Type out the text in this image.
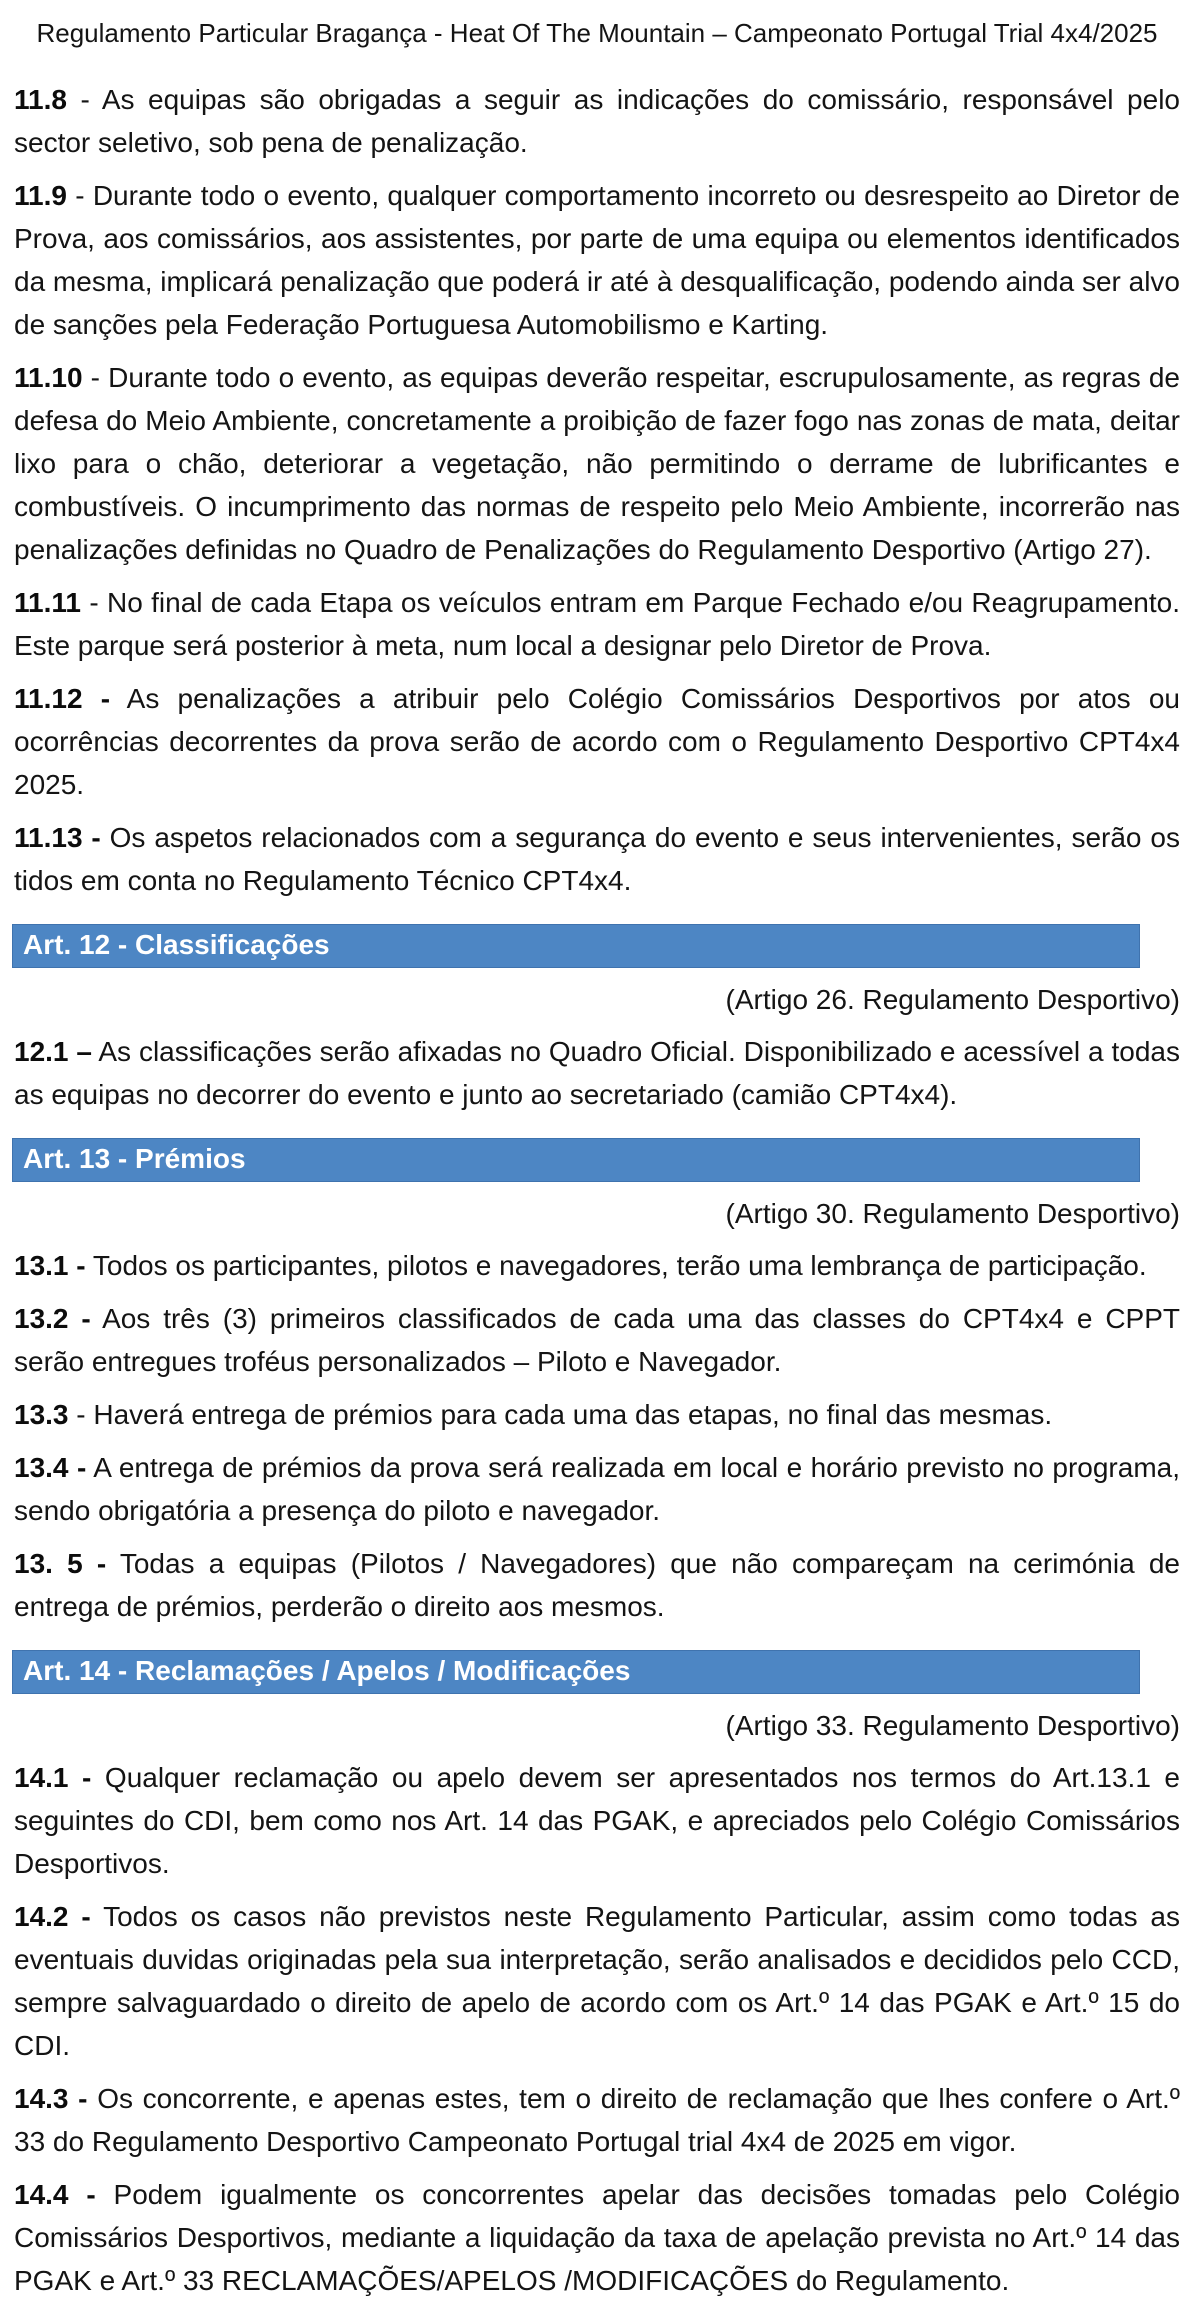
Regulamento Particular Bragança - Heat Of The Mountain – Campeonato Portugal Trial 4x4/2025

11.8 - As equipas são obrigadas a seguir as indicações do comissário, responsável pelo sector seletivo, sob pena de penalização.

11.9 - Durante todo o evento, qualquer comportamento incorreto ou desrespeito ao Diretor de Prova, aos comissários, aos assistentes, por parte de uma equipa ou elementos identificados da mesma, implicará penalização que poderá ir até à desqualificação, podendo ainda ser alvo de sanções pela Federação Portuguesa Automobilismo e Karting.

11.10 - Durante todo o evento, as equipas deverão respeitar, escrupulosamente, as regras de defesa do Meio Ambiente, concretamente a proibição de fazer fogo nas zonas de mata, deitar lixo para o chão, deteriorar a vegetação, não permitindo o derrame de lubrificantes e combustíveis. O incumprimento das normas de respeito pelo Meio Ambiente, incorrerão nas penalizações definidas no Quadro de Penalizações do Regulamento Desportivo (Artigo 27).

11.11 - No final de cada Etapa os veículos entram em Parque Fechado e/ou Reagrupamento. Este parque será posterior à meta, num local a designar pelo Diretor de Prova.

11.12 - As penalizações a atribuir pelo Colégio Comissários Desportivos por atos ou ocorrências decorrentes da prova serão de acordo com o Regulamento Desportivo CPT4x4 2025.

11.13 - Os aspetos relacionados com a segurança do evento e seus intervenientes, serão os tidos em conta no Regulamento Técnico CPT4x4.

Art. 12 - Classificações
(Artigo 26. Regulamento Desportivo)

12.1 – As classificações serão afixadas no Quadro Oficial. Disponibilizado e acessível a todas as equipas no decorrer do evento e junto ao secretariado (camião CPT4x4).

Art. 13 - Prémios
(Artigo 30. Regulamento Desportivo)

13.1 - Todos os participantes, pilotos e navegadores, terão uma lembrança de participação.

13.2 - Aos três (3) primeiros classificados de cada uma das classes do CPT4x4 e CPPT serão entregues troféus personalizados – Piloto e Navegador.

13.3 - Haverá entrega de prémios para cada uma das etapas, no final das mesmas.

13.4 - A entrega de prémios da prova será realizada em local e horário previsto no programa, sendo obrigatória a presença do piloto e navegador.

13. 5 - Todas a equipas (Pilotos / Navegadores) que não compareçam na cerimónia de entrega de prémios, perderão o direito aos mesmos.

Art. 14 - Reclamações / Apelos / Modificações
(Artigo 33. Regulamento Desportivo)

14.1 - Qualquer reclamação ou apelo devem ser apresentados nos termos do Art.13.1 e seguintes do CDI, bem como nos Art. 14 das PGAK, e apreciados pelo Colégio Comissários Desportivos.

14.2 - Todos os casos não previstos neste Regulamento Particular, assim como todas as eventuais duvidas originadas pela sua interpretação, serão analisados e decididos pelo CCD, sempre salvaguardado o direito de apelo de acordo com os Art.º 14 das PGAK e Art.º 15 do CDI.

14.3 - Os concorrente, e apenas estes, tem o direito de reclamação que lhes confere o Art.º 33 do Regulamento Desportivo Campeonato Portugal trial 4x4 de 2025 em vigor.

14.4 - Podem igualmente os concorrentes apelar das decisões tomadas pelo Colégio Comissários Desportivos, mediante a liquidação da taxa de apelação prevista no Art.º 14 das PGAK e Art.º 33 RECLAMAÇÕES/APELOS /MODIFICAÇÕES do Regulamento.
